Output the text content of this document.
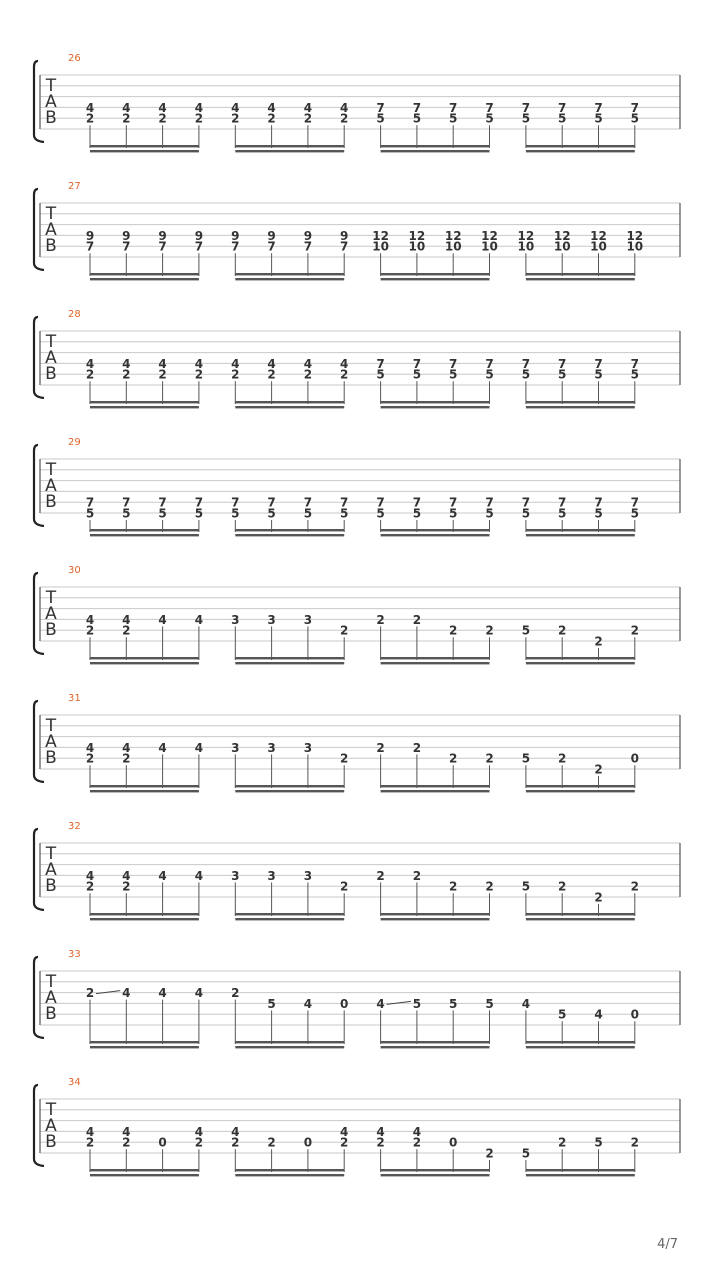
26
T
A
B
4
2
4
2
4
2
4
2
4
2
4
2
4
2
4
2
7
5
7
5
7
5
7
5
7
5
7
5
7
5
7
5
27
T
A
B
9
7
9
7
9
7
9
7
9
7
9
7
9
7
9
7
12
10
12
10
12
10
12
10
12
10
12
10
12
10
12
10
28
T
A
B
4
2
4
2
4
2
4
2
4
2
4
2
4
2
4
2
7
5
7
5
7
5
7
5
7
5
7
5
7
5
7
5
29
T
A
B 7
5
7
5
7
5
7
5
7
5
7
5
7
5
7
5
7
5
7
5
7
5
7
5
7
5
7
5
7
5
7
5
30
T
A
B
4
2
4
2
4 4 3 3 3
2
2 2
2 2 5 2
2
2
31
T
A
B
4
2
4
2
4 4 3 3 3
2
2 2
2 2 5 2
2
0
32
T
A
B
4
2
4
2
4 4 3 3 3
2
2 2
2 2 5 2
2
2
33
T
A
B
2 4 4 4 2
5 4 0 4 5 5 5 4
5 4 0
34
T
A
B
4
2
4
2 0
4
2
4
2 2 0
4
2
4
2
4
2 0
2 5
2 5 2
4/7
